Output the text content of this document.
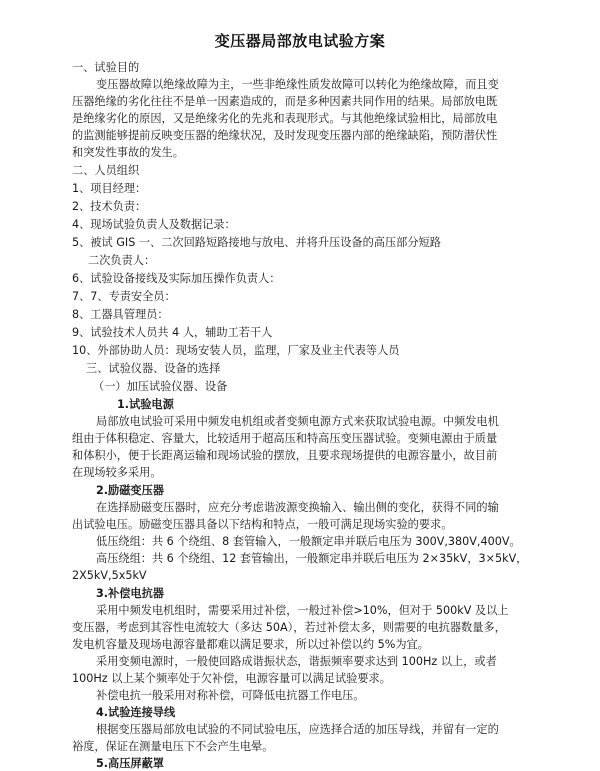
变压器局部放电试验方案
一、试验目的
变压器故障以绝缘故障为主，一些非绝缘性质发故障可以转化为绝缘故障，而且变
压器绝缘的劣化往往不是单一因素造成的，而是多种因素共同作用的结果。局部放电既
是绝缘劣化的原因，又是绝缘劣化的先兆和表现形式。与其他绝缘试验相比，局部放电
的监测能够提前反映变压器的绝缘状况，及时发现变压器内部的绝缘缺陷，预防潜伏性
和突发性事故的发生。
二、人员组织
1、项目经理：
2、技术负责：
4、现场试验负责人及数据记录：
5、被试 GIS 一、二次回路短路接地与放电、并将升压设备的高压部分短路
二次负责人：
6、试验设备接线及实际加压操作负责人：
7、7、专责安全员：
8、工器具管理员：
9、试验技术人员共 4 人，辅助工若干人
10、外部协助人员：现场安装人员，监理，厂家及业主代表等人员
三、试验仪器、设备的选择
（一）加压试验仪器、设备
1.试验电源
局部放电试验可采用中频发电机组或者变频电源方式来获取试验电源。中频发电机
组由于体积稳定、容量大，比较适用于超高压和特高压变压器试验。变频电源由于质量
和体积小，便于长距离运输和现场试验的摆放，且要求现场提供的电源容量小，故目前
在现场较多采用。
2.励磁变压器
在选择励磁变压器时，应充分考虑谐波源变换输入、输出侧的变化，获得不同的输
出试验电压。励磁变压器具备以下结构和特点，一般可满足现场实验的要求。
低压绕组：共 6 个绕组、8 套管输入，一般额定串并联后电压为 300V,380V,400V。
高压绕组：共 6 个绕组、12 套管输出，一般额定串并联后电压为 2×35kV，3×5kV，
2X5kV,5x5kV
3.补偿电抗器
采用中频发电机组时，需要采用过补偿，一般过补偿>10%，但对于 500kV 及以上
变压器，考虑到其容性电流较大（多达 50A），若过补偿太多，则需要的电抗器数量多，
发电机容量及现场电源容量都难以满足要求，所以过补偿以约 5%为宜。
采用变频电源时，一般使回路成谐振状态，谐振频率要求达到 100Hz 以上，或者
100Hz 以上某个频率处于欠补偿，电源容量可以满足试验要求。
补偿电抗一般采用对称补偿，可降低电抗器工作电压。
4.试验连接导线
根据变压器局部放电试验的不同试验电压，应选择合适的加压导线，并留有一定的
裕度，保证在测量电压下不会产生电晕。
5.高压屏蔽罩
